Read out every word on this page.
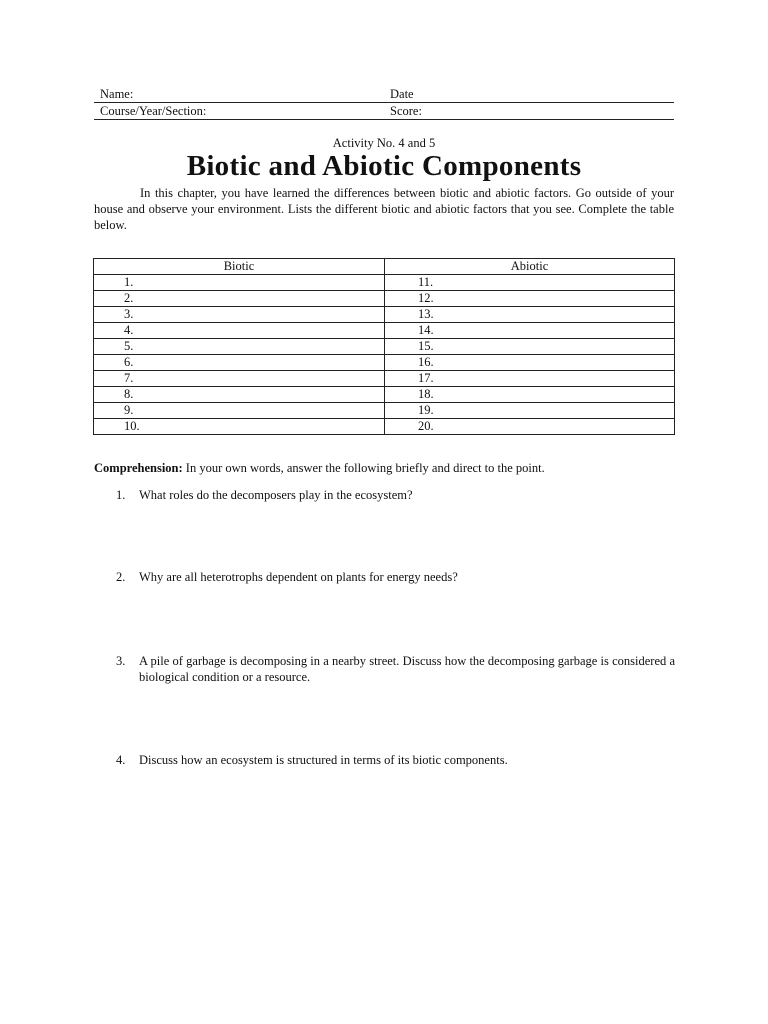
Name:	Date
Course/Year/Section:	Score:
Activity No. 4 and 5
Biotic and Abiotic Components
In this chapter, you have learned the differences between biotic and abiotic factors. Go outside of your house and observe your environment. Lists the different biotic and abiotic factors that you see. Complete the table below.
Biotic	Abiotic
1.	11.
2.	12.
3.	13.
4.	14.
5.	15.
6.	16.
7.	17.
8.	18.
9.	19.
10.	20.
Comprehension: In your own words, answer the following briefly and direct to the point.
1. What roles do the decomposers play in the ecosystem?
2. Why are all heterotrophs dependent on plants for energy needs?
3. A pile of garbage is decomposing in a nearby street. Discuss how the decomposing garbage is considered a biological condition or a resource.
4. Discuss how an ecosystem is structured in terms of its biotic components.
